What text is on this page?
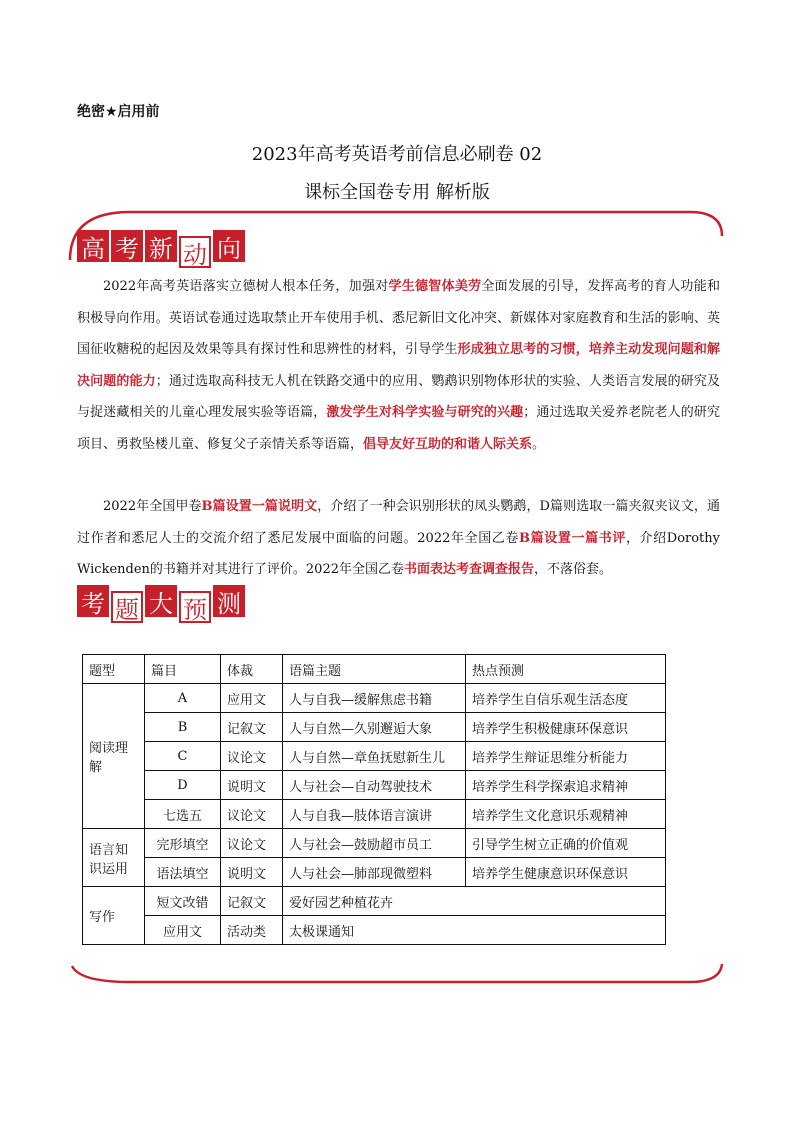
绝密★启用前
2023年高考英语考前信息必刷卷 02
课标全国卷专用 解析版
高 考 新 动 向
2022年高考英语落实立德树人根本任务，加强对学生德智体美劳全面发展的引导，发挥高考的育人功能和积极导向作用。英语试卷通过选取禁止开车使用手机、悉尼新旧文化冲突、新媒体对家庭教育和生活的影响、英国征收糖税的起因及效果等具有探讨性和思辨性的材料，引导学生形成独立思考的习惯，培养主动发现问题和解决问题的能力；通过选取高科技无人机在铁路交通中的应用、鹦鹉识别物体形状的实验、人类语言发展的研究及与捉迷藏相关的儿童心理发展实验等语篇，激发学生对科学实验与研究的兴趣；通过选取关爱养老院老人的研究项目、勇救坠楼儿童、修复父子亲情关系等语篇，倡导友好互助的和谐人际关系。
2022年全国甲卷B篇设置一篇说明文，介绍了一种会识别形状的凤头鹦鹉，D篇则选取一篇夹叙夹议文，通过作者和悉尼人士的交流介绍了悉尼发展中面临的问题。2022年全国乙卷B篇设置一篇书评，介绍Dorothy Wickenden的书籍并对其进行了评价。2022年全国乙卷书面表达考查调查报告，不落俗套。
考 题 大 预 测
题型	篇目	体裁	语篇主题	热点预测
阅读理解	A	应用文	人与自我—缓解焦虑书籍	培养学生自信乐观生活态度
	B	记叙文	人与自然—久别邂逅大象	培养学生积极健康环保意识
	C	议论文	人与自然—章鱼抚慰新生儿	培养学生辩证思维分析能力
	D	说明文	人与社会—自动驾驶技术	培养学生科学探索追求精神
	七选五	议论文	人与自我—肢体语言演讲	培养学生文化意识乐观精神
语言知识运用	完形填空	议论文	人与社会—鼓励超市员工	引导学生树立正确的价值观
	语法填空	说明文	人与社会—肺部现微塑料	培养学生健康意识环保意识
写作	短文改错	记叙文	爱好园艺种植花卉	
	应用文	活动类	太极课通知	
